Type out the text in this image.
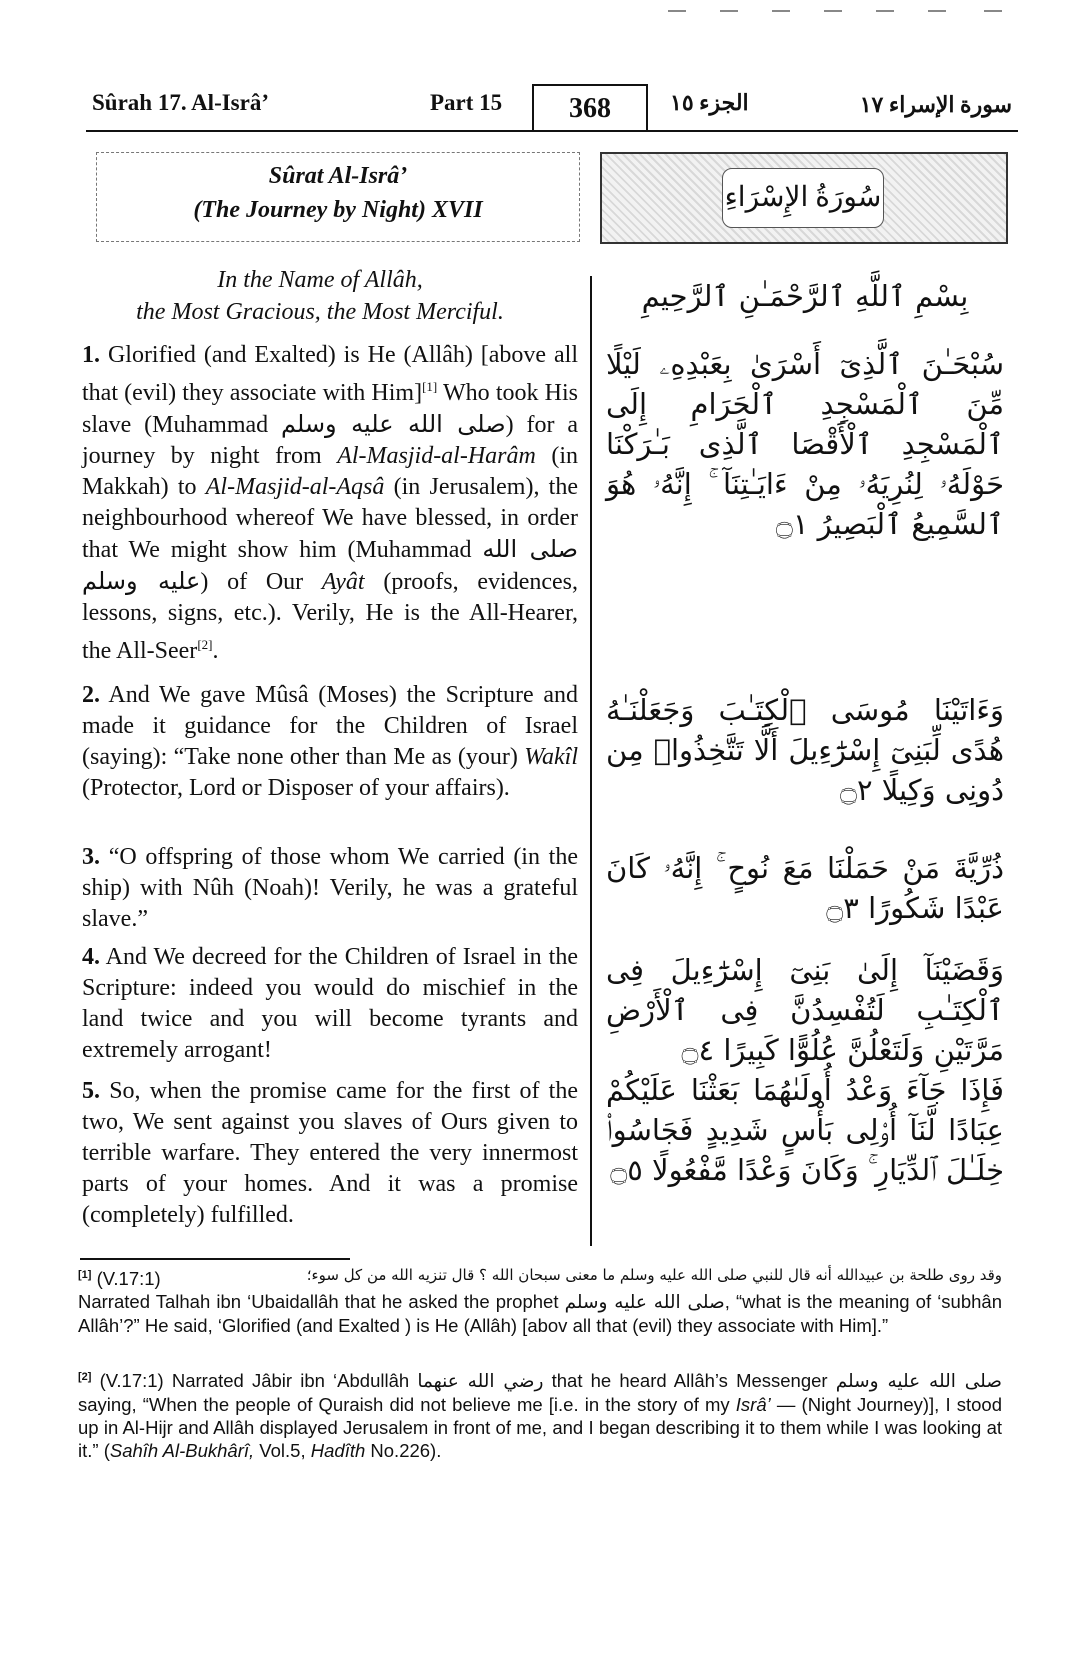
Sûrah 17. Al-Isrâ’	Part 15	368	الجزء ١٥	سورة الإسراء ١٧
Sûrat Al-Isrâ’
(The Journey by Night) XVII	سُورَةُ الإِسْرَاءِ
In the Name of Allâh,
the Most Gracious, the Most Merciful.	بِسْمِ ٱللَّهِ ٱلرَّحْمَـٰنِ ٱلرَّحِيمِ
1. Glorified (and Exalted) is He (Allâh) [above all that (evil) they associate with Him][1] Who took His slave (Muhammad صلى الله عليه وسلم) for a journey by night from Al-Masjid-al-Harâm (in Makkah) to Al-Masjid-al-Aqsâ (in Jerusalem), the neighbourhood whereof We have blessed, in order that We might show him (Muhammad صلى الله عليه وسلم) of Our Ayât (proofs, evidences, lessons, signs, etc.). Verily, He is the All-Hearer, the All-Seer[2].
سُبْحَـٰنَ ٱلَّذِىٓ أَسْرَىٰ بِعَبْدِهِۦ لَيْلًا مِّنَ ٱلْمَسْجِدِ ٱلْحَرَامِ إِلَى ٱلْمَسْجِدِ ٱلْأَقْصَا ٱلَّذِى بَـٰرَكْنَا حَوْلَهُۥ لِنُرِيَهُۥ مِنْ ءَايَـٰتِنَآ ۚ إِنَّهُۥ هُوَ ٱلسَّمِيعُ ٱلْبَصِيرُ ۝١
2. And We gave Mûsâ (Moses) the Scripture and made it guidance for the Children of Israel (saying): “Take none other than Me as (your) Wakîl (Protector, Lord or Disposer of your affairs).
وَءَاتَيْنَا مُوسَى ٱلْكِتَـٰبَ وَجَعَلْنَـٰهُ هُدًى لِّبَنِىٓ إِسْرَٰٓءِيلَ أَلَّا تَتَّخِذُوا۟ مِن دُونِى وَكِيلًا ۝٢
3. “O offspring of those whom We carried (in the ship) with Nûh (Noah)! Verily, he was a grateful slave.”
ذُرِّيَّةَ مَنْ حَمَلْنَا مَعَ نُوحٍ ۚ إِنَّهُۥ كَانَ عَبْدًا شَكُورًا ۝٣
4. And We decreed for the Children of Israel in the Scripture: indeed you would do mischief in the land twice and you will become tyrants and extremely arrogant!
وَقَضَيْنَآ إِلَىٰ بَنِىٓ إِسْرَٰٓءِيلَ فِى ٱلْكِتَـٰبِ لَتُفْسِدُنَّ فِى ٱلْأَرْضِ مَرَّتَيْنِ وَلَتَعْلُنَّ عُلُوًّا كَبِيرًا ۝٤
5. So, when the promise came for the first of the two, We sent against you slaves of Ours given to terrible warfare. They entered the very innermost parts of your homes. And it was a promise (completely) fulfilled.
فَإِذَا جَآءَ وَعْدُ أُولَىٰهُمَا بَعَثْنَا عَلَيْكُمْ عِبَادًا لَّنَآ أُو۟لِى بَأْسٍ شَدِيدٍ فَجَاسُوا۟ خِلَـٰلَ ٱلدِّيَارِ ۚ وَكَانَ وَعْدًا مَّفْعُولًا ۝٥
[1] (V.17:1)	وقد روى طلحة بن عبيدالله أنه قال للنبي صلى الله عليه وسلم ما معنى سبحان الله ؟ قال تنزيه الله من كل سوء؛
Narrated Talhah ibn ‘Ubaidallâh that he asked the prophet صلى الله عليه وسلم, “what is the meaning of ‘subhân Allâh’?” He said, ‘Glorified (and Exalted ) is He (Allâh) [abov all that (evil) they associate with Him].”
[2] (V.17:1) Narrated Jâbir ibn ‘Abdullâh رضي الله عنهما that he heard Allâh’s Messenger صلى الله عليه وسلم saying, “When the people of Quraish did not believe me [i.e. in the story of my Isrâ’ — (Night Journey)], I stood up in Al-Hijr and Allâh displayed Jerusalem in front of me, and I began describing it to them while I was looking at it.” (Sahîh Al-Bukhârî, Vol.5, Hadîth No.226).
